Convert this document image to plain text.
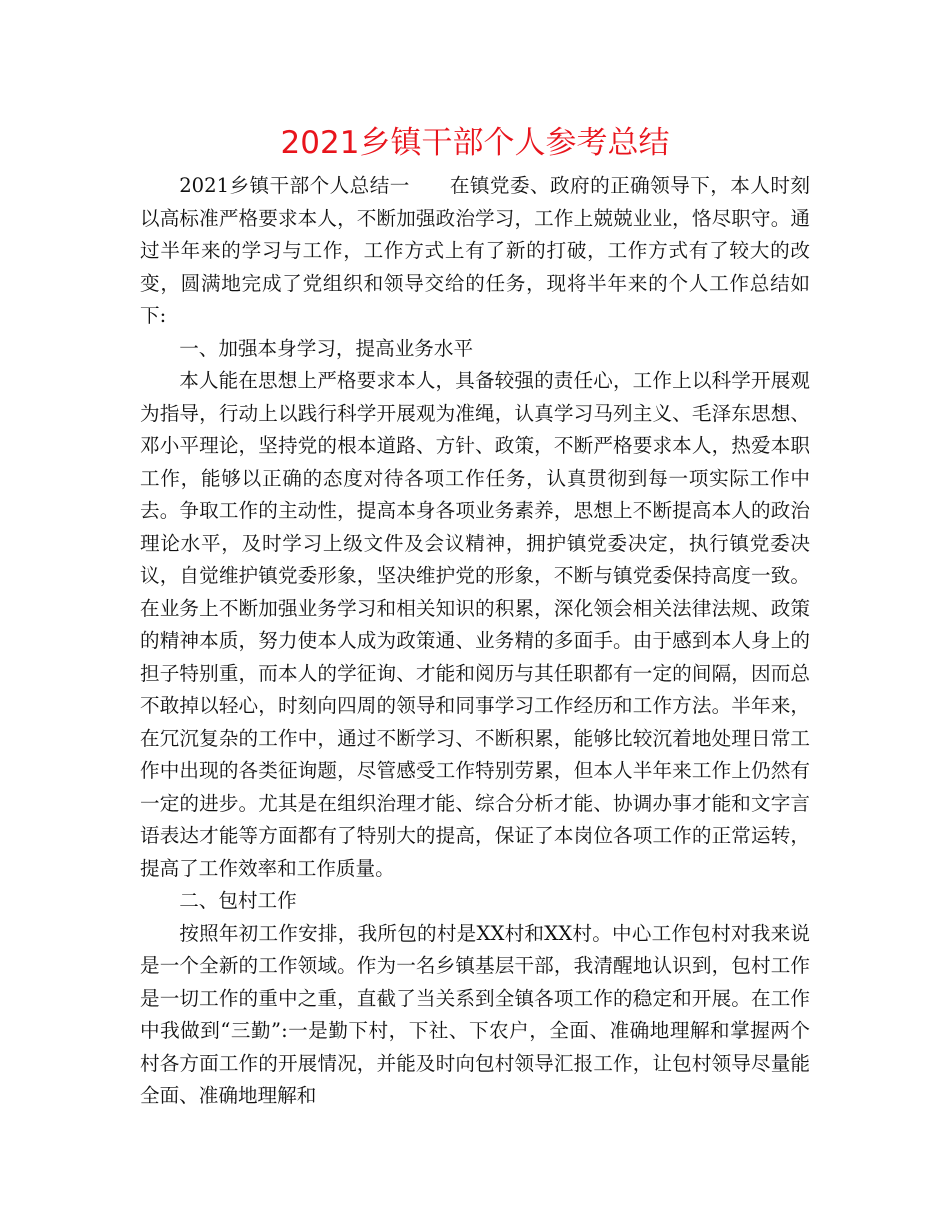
2021乡镇干部个人参考总结

2021乡镇干部个人总结一　　在镇党委、政府的正确领导下，本人时刻以高标准严格要求本人，不断加强政治学习，工作上兢兢业业，恪尽职守。通过半年来的学习与工作，工作方式上有了新的打破，工作方式有了较大的改变，圆满地完成了党组织和领导交给的任务，现将半年来的个人工作总结如下:

一、加强本身学习，提高业务水平

本人能在思想上严格要求本人，具备较强的责任心，工作上以科学开展观为指导，行动上以践行科学开展观为准绳，认真学习马列主义、毛泽东思想、邓小平理论，坚持党的根本道路、方针、政策，不断严格要求本人，热爱本职工作，能够以正确的态度对待各项工作任务，认真贯彻到每一项实际工作中去。争取工作的主动性，提高本身各项业务素养，思想上不断提高本人的政治理论水平，及时学习上级文件及会议精神，拥护镇党委决定，执行镇党委决议，自觉维护镇党委形象，坚决维护党的形象，不断与镇党委保持高度一致。在业务上不断加强业务学习和相关知识的积累，深化领会相关法律法规、政策的精神本质，努力使本人成为政策通、业务精的多面手。由于感到本人身上的担子特别重，而本人的学征询、才能和阅历与其任职都有一定的间隔，因而总不敢掉以轻心，时刻向四周的领导和同事学习工作经历和工作方法。半年来，在冗沉复杂的工作中，通过不断学习、不断积累，能够比较沉着地处理日常工作中出现的各类征询题，尽管感受工作特别劳累，但本人半年来工作上仍然有一定的进步。尤其是在组织治理才能、综合分析才能、协调办事才能和文字言语表达才能等方面都有了特别大的提高，保证了本岗位各项工作的正常运转，提高了工作效率和工作质量。

二、包村工作

按照年初工作安排，我所包的村是XX村和XX村。中心工作包村对我来说是一个全新的工作领域。作为一名乡镇基层干部，我清醒地认识到，包村工作是一切工作的重中之重，直截了当关系到全镇各项工作的稳定和开展。在工作中我做到“三勤”:一是勤下村，下社、下农户，全面、准确地理解和掌握两个村各方面工作的开展情况，并能及时向包村领导汇报工作，让包村领导尽量能全面、准确地理解和
